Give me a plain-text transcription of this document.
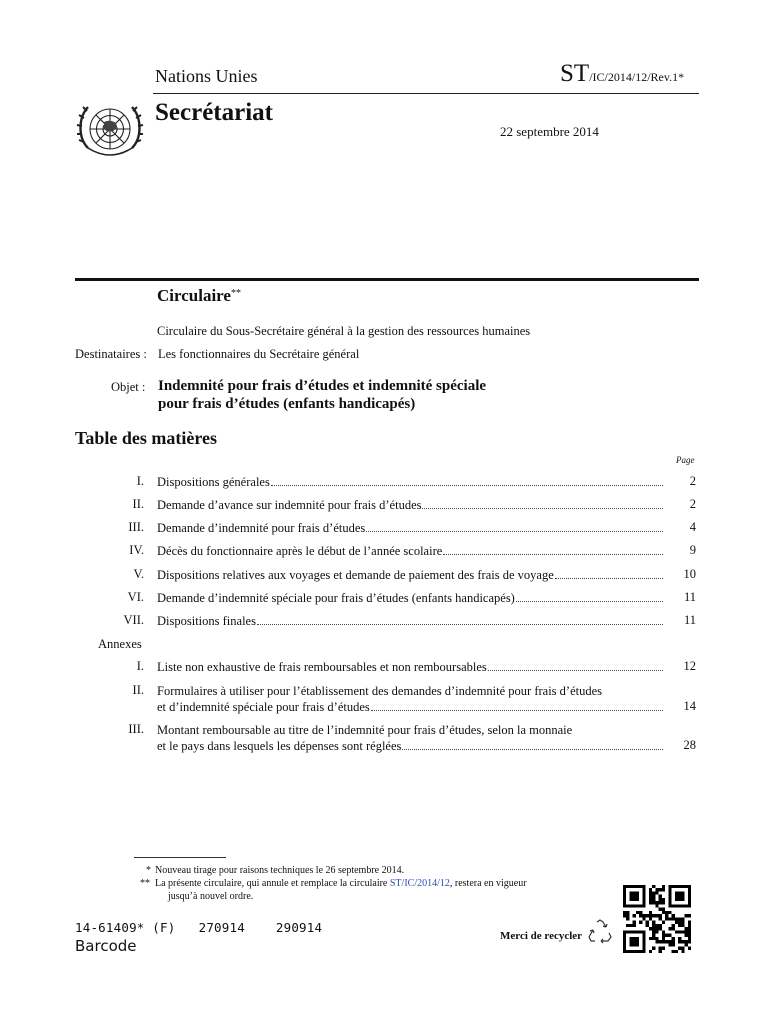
Nations Unies	ST/IC/2014/12/Rev.1*
Secrétariat
22 septembre 2014
Circulaire**
Circulaire du Sous-Secrétaire général à la gestion des ressources humaines
Destinataires : Les fonctionnaires du Secrétaire général
Objet : Indemnité pour frais d’études et indemnité spéciale
pour frais d’études (enfants handicapés)
Table des matières
Page
I. Dispositions générales	2
II. Demande d’avance sur indemnité pour frais d’études	2
III. Demande d’indemnité pour frais d’études	4
IV. Décès du fonctionnaire après le début de l’année scolaire	9
V. Dispositions relatives aux voyages et demande de paiement des frais de voyage	10
VI. Demande d’indemnité spéciale pour frais d’études (enfants handicapés)	11
VII. Dispositions finales	11
Annexes
I. Liste non exhaustive de frais remboursables et non remboursables	12
II. Formulaires à utiliser pour l’établissement des demandes d’indemnité pour frais d’études
et d’indemnité spéciale pour frais d’études	14
III. Montant remboursable au titre de l’indemnité pour frais d’études, selon la monnaie
et le pays dans lesquels les dépenses sont réglées	28
* Nouveau tirage pour raisons techniques le 26 septembre 2014.
** La présente circulaire, qui annule et remplace la circulaire ST/IC/2014/12, restera en vigueur
jusqu’à nouvel ordre.
14-61409* (F)   270914    290914
Barcode
Merci de recycler
